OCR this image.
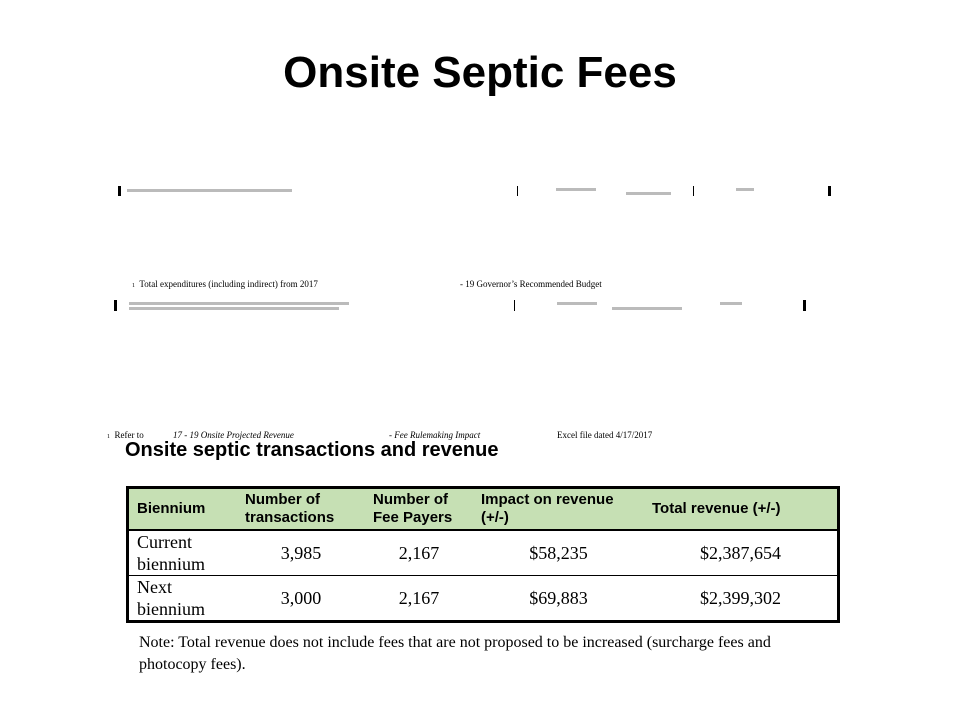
Onsite Septic Fees
1 Total expenditures (including indirect) from 2017	- 19 Governor’s Recommended Budget
1 Refer to	17 - 19 Onsite Projected Revenue	- Fee Rulemaking Impact	Excel file dated 4/17/2017
Onsite septic transactions and revenue
Biennium	Number of transactions	Number of Fee Payers	Impact on revenue (+/-)	Total revenue (+/-)
Current biennium	3,985	2,167	$58,235	$2,387,654
Next biennium	3,000	2,167	$69,883	$2,399,302
Note: Total revenue does not include fees that are not proposed to be increased (surcharge fees and photocopy fees).
